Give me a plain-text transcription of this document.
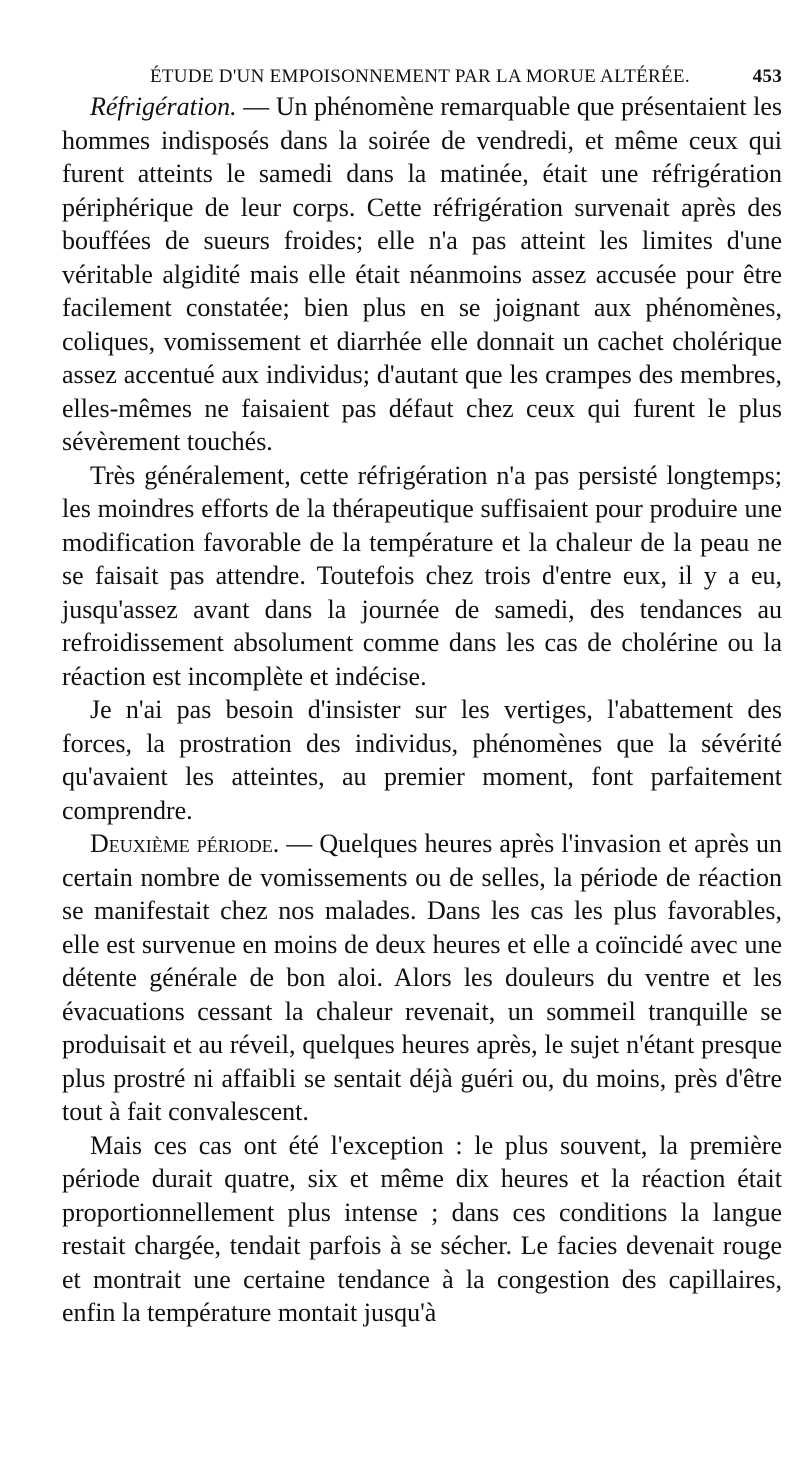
ÉTUDE D'UN EMPOISONNEMENT PAR LA MORUE ALTÉRÉE.	453

Réfrigération. — Un phénomène remarquable que présentaient les hommes indisposés dans la soirée de vendredi, et même ceux qui furent atteints le samedi dans la matinée, était une réfrigération périphérique de leur corps. Cette réfrigération survenait après des bouffées de sueurs froides; elle n'a pas atteint les limites d'une véritable algidité mais elle était néanmoins assez accusée pour être facilement constatée; bien plus en se joignant aux phénomènes, coliques, vomissement et diarrhée elle donnait un cachet cholérique assez accentué aux individus; d'autant que les crampes des membres, elles-mêmes ne faisaient pas défaut chez ceux qui furent le plus sévèrement touchés.

Très généralement, cette réfrigération n'a pas persisté longtemps; les moindres efforts de la thérapeutique suffisaient pour produire une modification favorable de la température et la chaleur de la peau ne se faisait pas attendre. Toutefois chez trois d'entre eux, il y a eu, jusqu'assez avant dans la journée de samedi, des tendances au refroidissement absolument comme dans les cas de cholérine ou la réaction est incomplète et indécise.

Je n'ai pas besoin d'insister sur les vertiges, l'abattement des forces, la prostration des individus, phénomènes que la sévérité qu'avaient les atteintes, au premier moment, font parfaitement comprendre.

Deuxième période. — Quelques heures après l'invasion et après un certain nombre de vomissements ou de selles, la période de réaction se manifestait chez nos malades. Dans les cas les plus favorables, elle est survenue en moins de deux heures et elle a coïncidé avec une détente générale de bon aloi. Alors les douleurs du ventre et les évacuations cessant la chaleur revenait, un sommeil tranquille se produisait et au réveil, quelques heures après, le sujet n'étant presque plus prostré ni affaibli se sentait déjà guéri ou, du moins, près d'être tout à fait convalescent.

Mais ces cas ont été l'exception : le plus souvent, la première période durait quatre, six et même dix heures et la réaction était proportionnellement plus intense ; dans ces conditions la langue restait chargée, tendait parfois à se sécher. Le facies devenait rouge et montrait une certaine tendance à la congestion des capillaires, enfin la température montait jusqu'à
